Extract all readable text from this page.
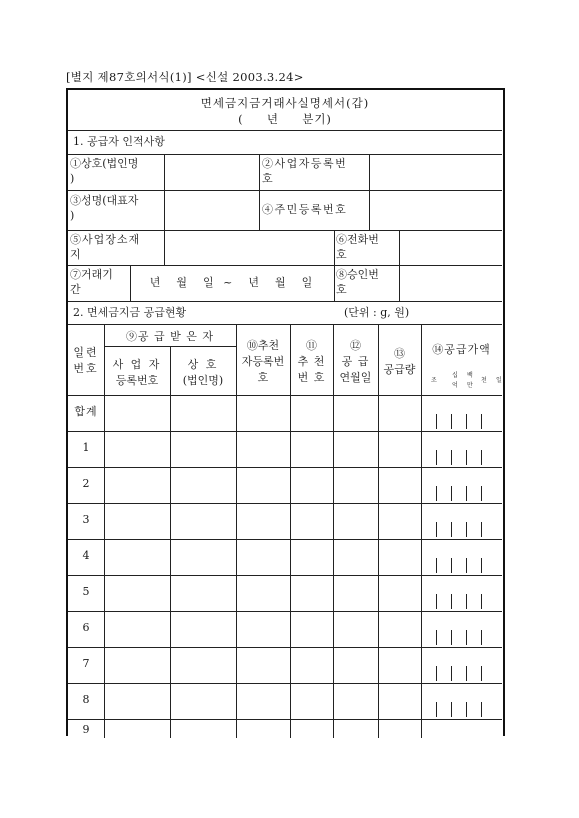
[별지 제87호의서식(1)] <신설 2003.3.24>
면세금지금거래사실명세서(갑)
(     년     분기)
1. 공급자 인적사항
①상호(법인명
)
②사업자등록번
호
③성명(대표자
)	④주민등록번호
⑤사업장소재
지
⑥전화번
호
⑦거래기
간
년  월  일 ~  년  월  일
⑧승인번
호
2. 면세금지금 공급현황	(단위 : g, 원)
일련
번호
⑨공 급 받 은 자
사 업 자
등록번호
상 호
(법인명)
⑩추천
자등록번
호
⑪
추 천
번 호
⑫
공 급
연월일
⑬
공급량
⑭공급가액
십 백
조
억 만
천 일
합계
1
2
3
4
5
6
7
8
9
